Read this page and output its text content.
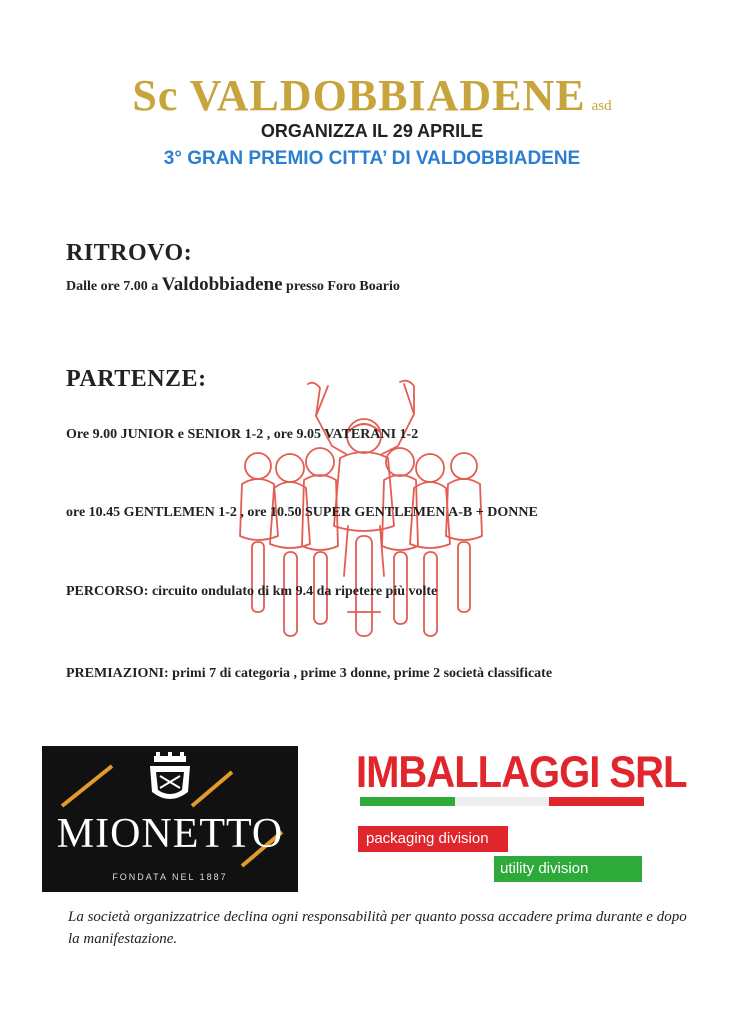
Sc VALDOBBIADENE asd
ORGANIZZA IL 29 APRILE
3° GRAN PREMIO CITTA’ DI VALDOBBIADENE
RITROVO:
Dalle ore 7.00 a Valdobbiadene presso Foro Boario
PARTENZE:
Ore 9.00 JUNIOR e SENIOR 1-2 , ore 9.05 VATERANI 1-2
ore 10.45 GENTLEMEN 1-2 , ore 10.50 SUPER GENTLEMEN A-B + DONNE
PERCORSO: circuito ondulato di km 9.4 da ripetere più volte
PREMIAZIONI: primi 7 di categoria , prime 3 donne, prime 2 società classificate
MIONETTO
FONDATA NEL 1887
IMBALLAGGI SRL
packaging division
utility division
La società organizzatrice declina ogni responsabilità per quanto possa accadere prima durante e dopo la manifestazione.
